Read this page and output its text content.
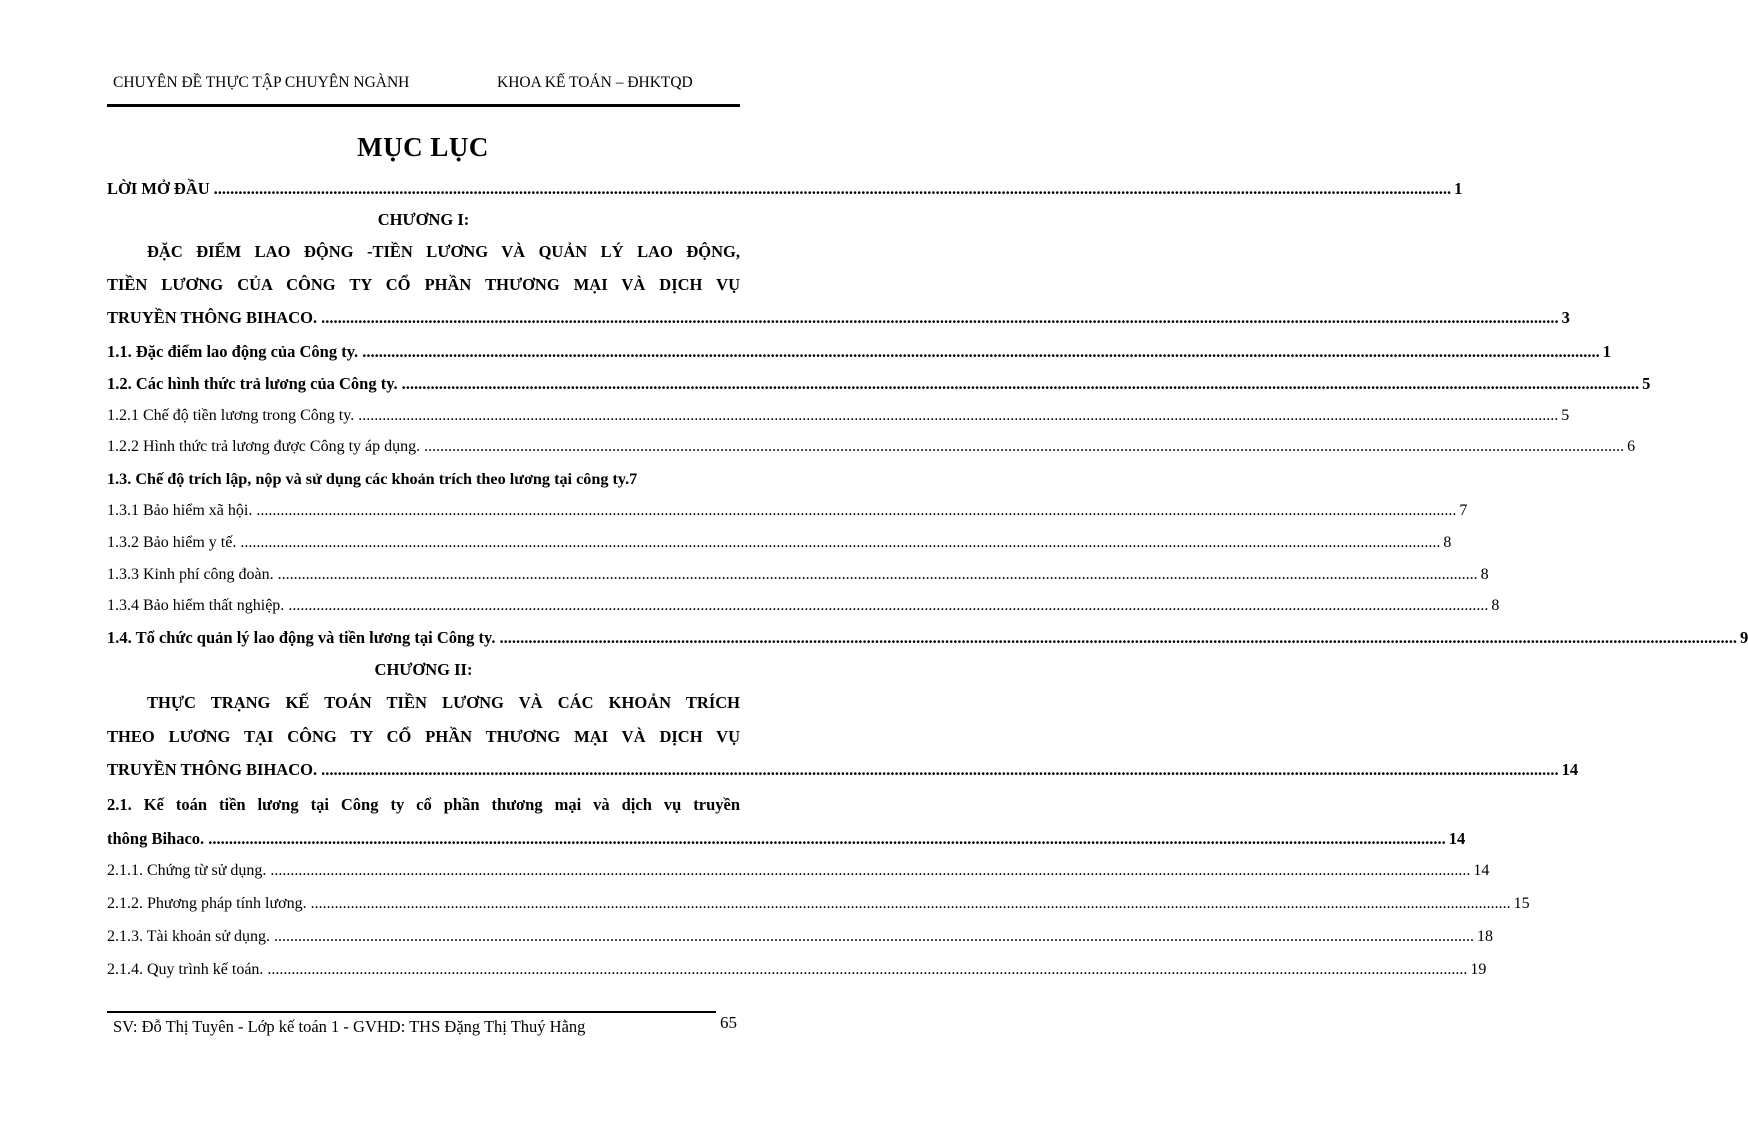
CHUYÊN ĐỀ THỰC TẬP CHUYÊN NGÀNH	KHOA KẾ TOÁN – ĐHKTQD
MỤC LỤC
LỜI MỞ ĐẦU ............................................................................................................................................................................................................................................................................................................ 1
CHƯƠNG I:
ĐẶC ĐIỂM LAO ĐỘNG -TIỀN LƯƠNG VÀ QUẢN LÝ LAO ĐỘNG,
TIỀN LƯƠNG CỦA CÔNG TY CỔ PHẦN THƯƠNG MẠI VÀ DỊCH VỤ
TRUYỀN THÔNG BIHACO. ............................................................................................................................................................................................................................................................................................................ 3
1.1. Đặc điểm lao động của Công ty. ............................................................................................................................................................................................................................................................................................................ 1
1.2. Các hình thức trả lương của Công ty. ............................................................................................................................................................................................................................................................................................................ 5
1.2.1 Chế độ tiền lương trong Công ty. ............................................................................................................................................................................................................................................................................................................ 5
1.2.2 Hình thức trả lương được Công ty áp dụng. ............................................................................................................................................................................................................................................................................................................ 6
1.3. Chế độ trích lập, nộp và sử dụng các khoản trích theo lương tại công ty.7
1.3.1 Bảo hiểm xã hội. ............................................................................................................................................................................................................................................................................................................ 7
1.3.2 Bảo hiểm y tế. ............................................................................................................................................................................................................................................................................................................ 8
1.3.3 Kinh phí công đoàn. ............................................................................................................................................................................................................................................................................................................ 8
1.3.4 Bảo hiểm thất nghiệp. ............................................................................................................................................................................................................................................................................................................ 8
1.4. Tổ chức quản lý lao động và tiền lương tại Công ty. ............................................................................................................................................................................................................................................................................................................ 9
CHƯƠNG II:
THỰC TRẠNG KẾ TOÁN TIỀN LƯƠNG VÀ CÁC KHOẢN TRÍCH
THEO LƯƠNG TẠI CÔNG TY CỔ PHẦN THƯƠNG MẠI VÀ DỊCH VỤ
TRUYỀN THÔNG BIHACO. ............................................................................................................................................................................................................................................................................................................ 14
2.1. Kế toán tiền lương tại Công ty cổ phần thương mại và dịch vụ truyền
thông Bihaco. ............................................................................................................................................................................................................................................................................................................ 14
2.1.1. Chứng từ sử dụng. ............................................................................................................................................................................................................................................................................................................ 14
2.1.2. Phương pháp tính lương. ............................................................................................................................................................................................................................................................................................................ 15
2.1.3. Tài khoản sử dụng. ............................................................................................................................................................................................................................................................................................................ 18
2.1.4. Quy trình kế toán. ............................................................................................................................................................................................................................................................................................................ 19
SV: Đỗ Thị Tuyên - Lớp kế toán 1 - GVHD: THS Đặng Thị Thuý Hằng	65
